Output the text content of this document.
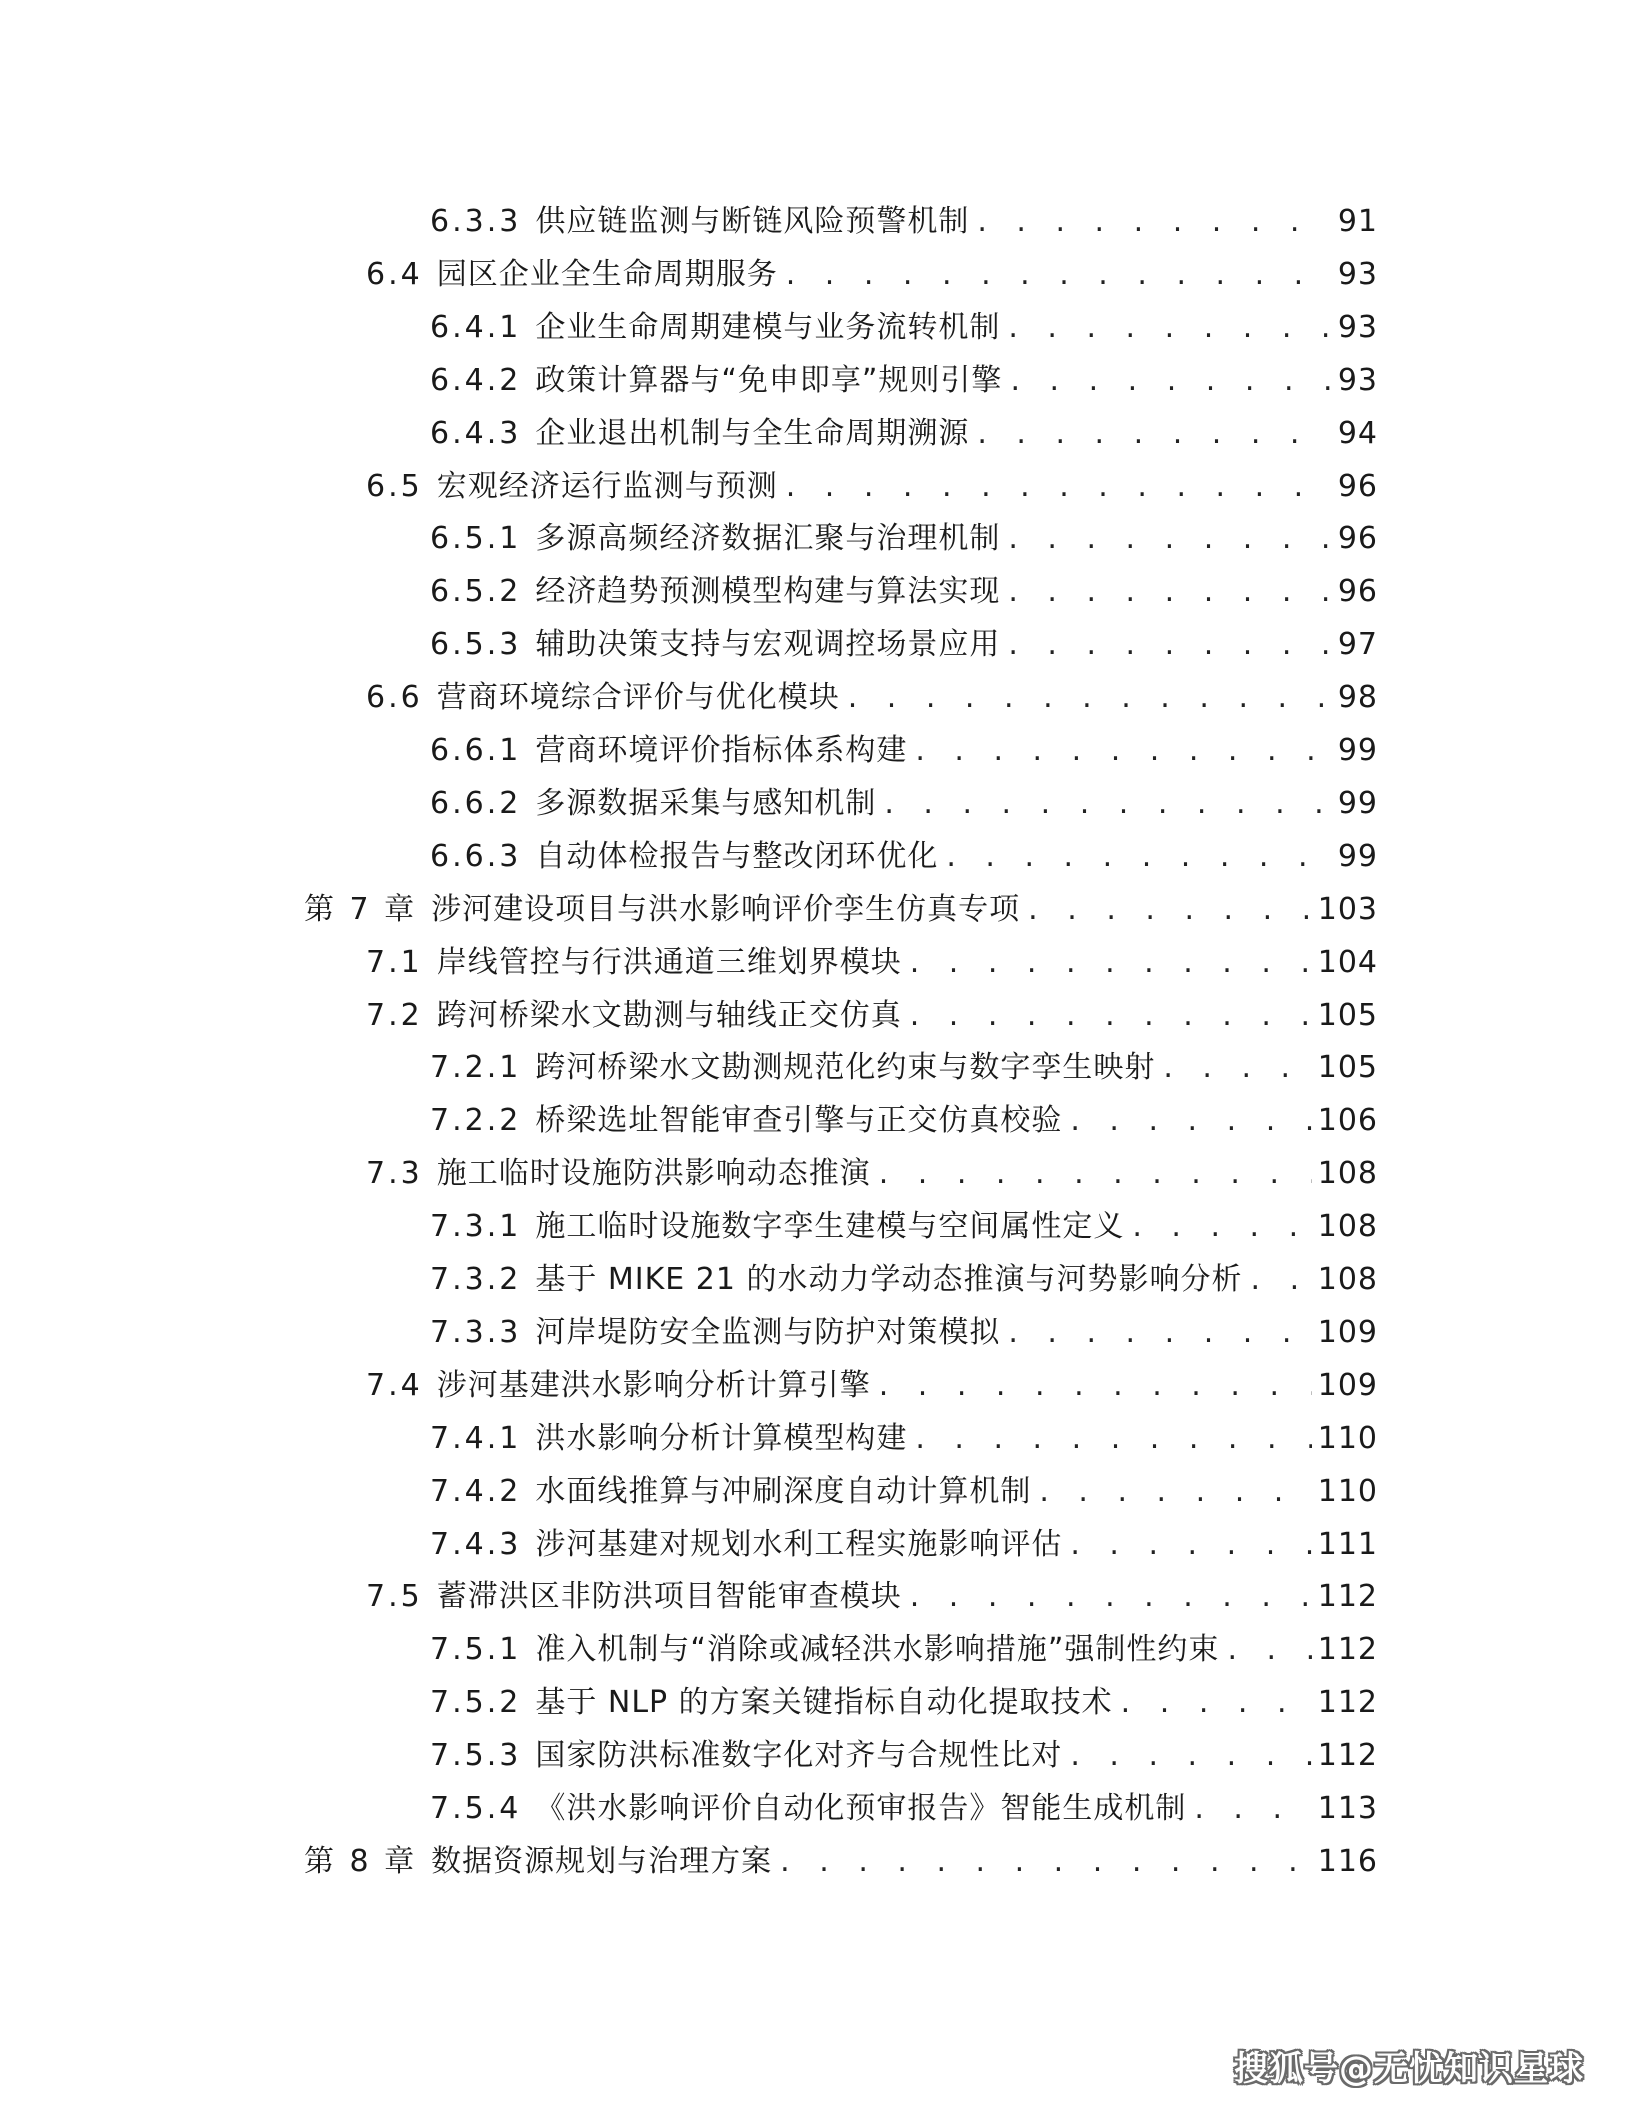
6.3.3 供应链监测与断链风险预警机制 . . .	91
6.4 园区企业全生命周期服务 . . .	93
6.4.1 企业生命周期建模与业务流转机制 . . .	93
6.4.2 政策计算器与“免申即享”规则引擎 . . .	93
6.4.3 企业退出机制与全生命周期溯源 . . .	94
6.5 宏观经济运行监测与预测 . . .	96
6.5.1 多源高频经济数据汇聚与治理机制 . . .	96
6.5.2 经济趋势预测模型构建与算法实现 . . .	96
6.5.3 辅助决策支持与宏观调控场景应用 . . .	97
6.6 营商环境综合评价与优化模块 . . .	98
6.6.1 营商环境评价指标体系构建 . . .	99
6.6.2 多源数据采集与感知机制 . . .	99
6.6.3 自动体检报告与整改闭环优化 . . .	99
第 7 章 涉河建设项目与洪水影响评价孪生仿真专项 . . .	103
7.1 岸线管控与行洪通道三维划界模块 . . .	104
7.2 跨河桥梁水文勘测与轴线正交仿真 . . .	105
7.2.1 跨河桥梁水文勘测规范化约束与数字孪生映射 . . .	105
7.2.2 桥梁选址智能审查引擎与正交仿真校验 . . .	106
7.3 施工临时设施防洪影响动态推演 . . .	108
7.3.1 施工临时设施数字孪生建模与空间属性定义 . . .	108
7.3.2 基于 MIKE 21 的水动力学动态推演与河势影响分析 . . .	108
7.3.3 河岸堤防安全监测与防护对策模拟 . . .	109
7.4 涉河基建洪水影响分析计算引擎 . . .	109
7.4.1 洪水影响分析计算模型构建 . . .	110
7.4.2 水面线推算与冲刷深度自动计算机制 . . .	110
7.4.3 涉河基建对规划水利工程实施影响评估 . . .	111
7.5 蓄滞洪区非防洪项目智能审查模块 . . .	112
7.5.1 准入机制与“消除或减轻洪水影响措施”强制性约束 . . .	112
7.5.2 基于 NLP 的方案关键指标自动化提取技术 . . .	112
7.5.3 国家防洪标准数字化对齐与合规性比对 . . .	112
7.5.4 《洪水影响评价自动化预审报告》智能生成机制 . . .	113
第 8 章 数据资源规划与治理方案 . . .	116
搜狐号@无忧知识星球
